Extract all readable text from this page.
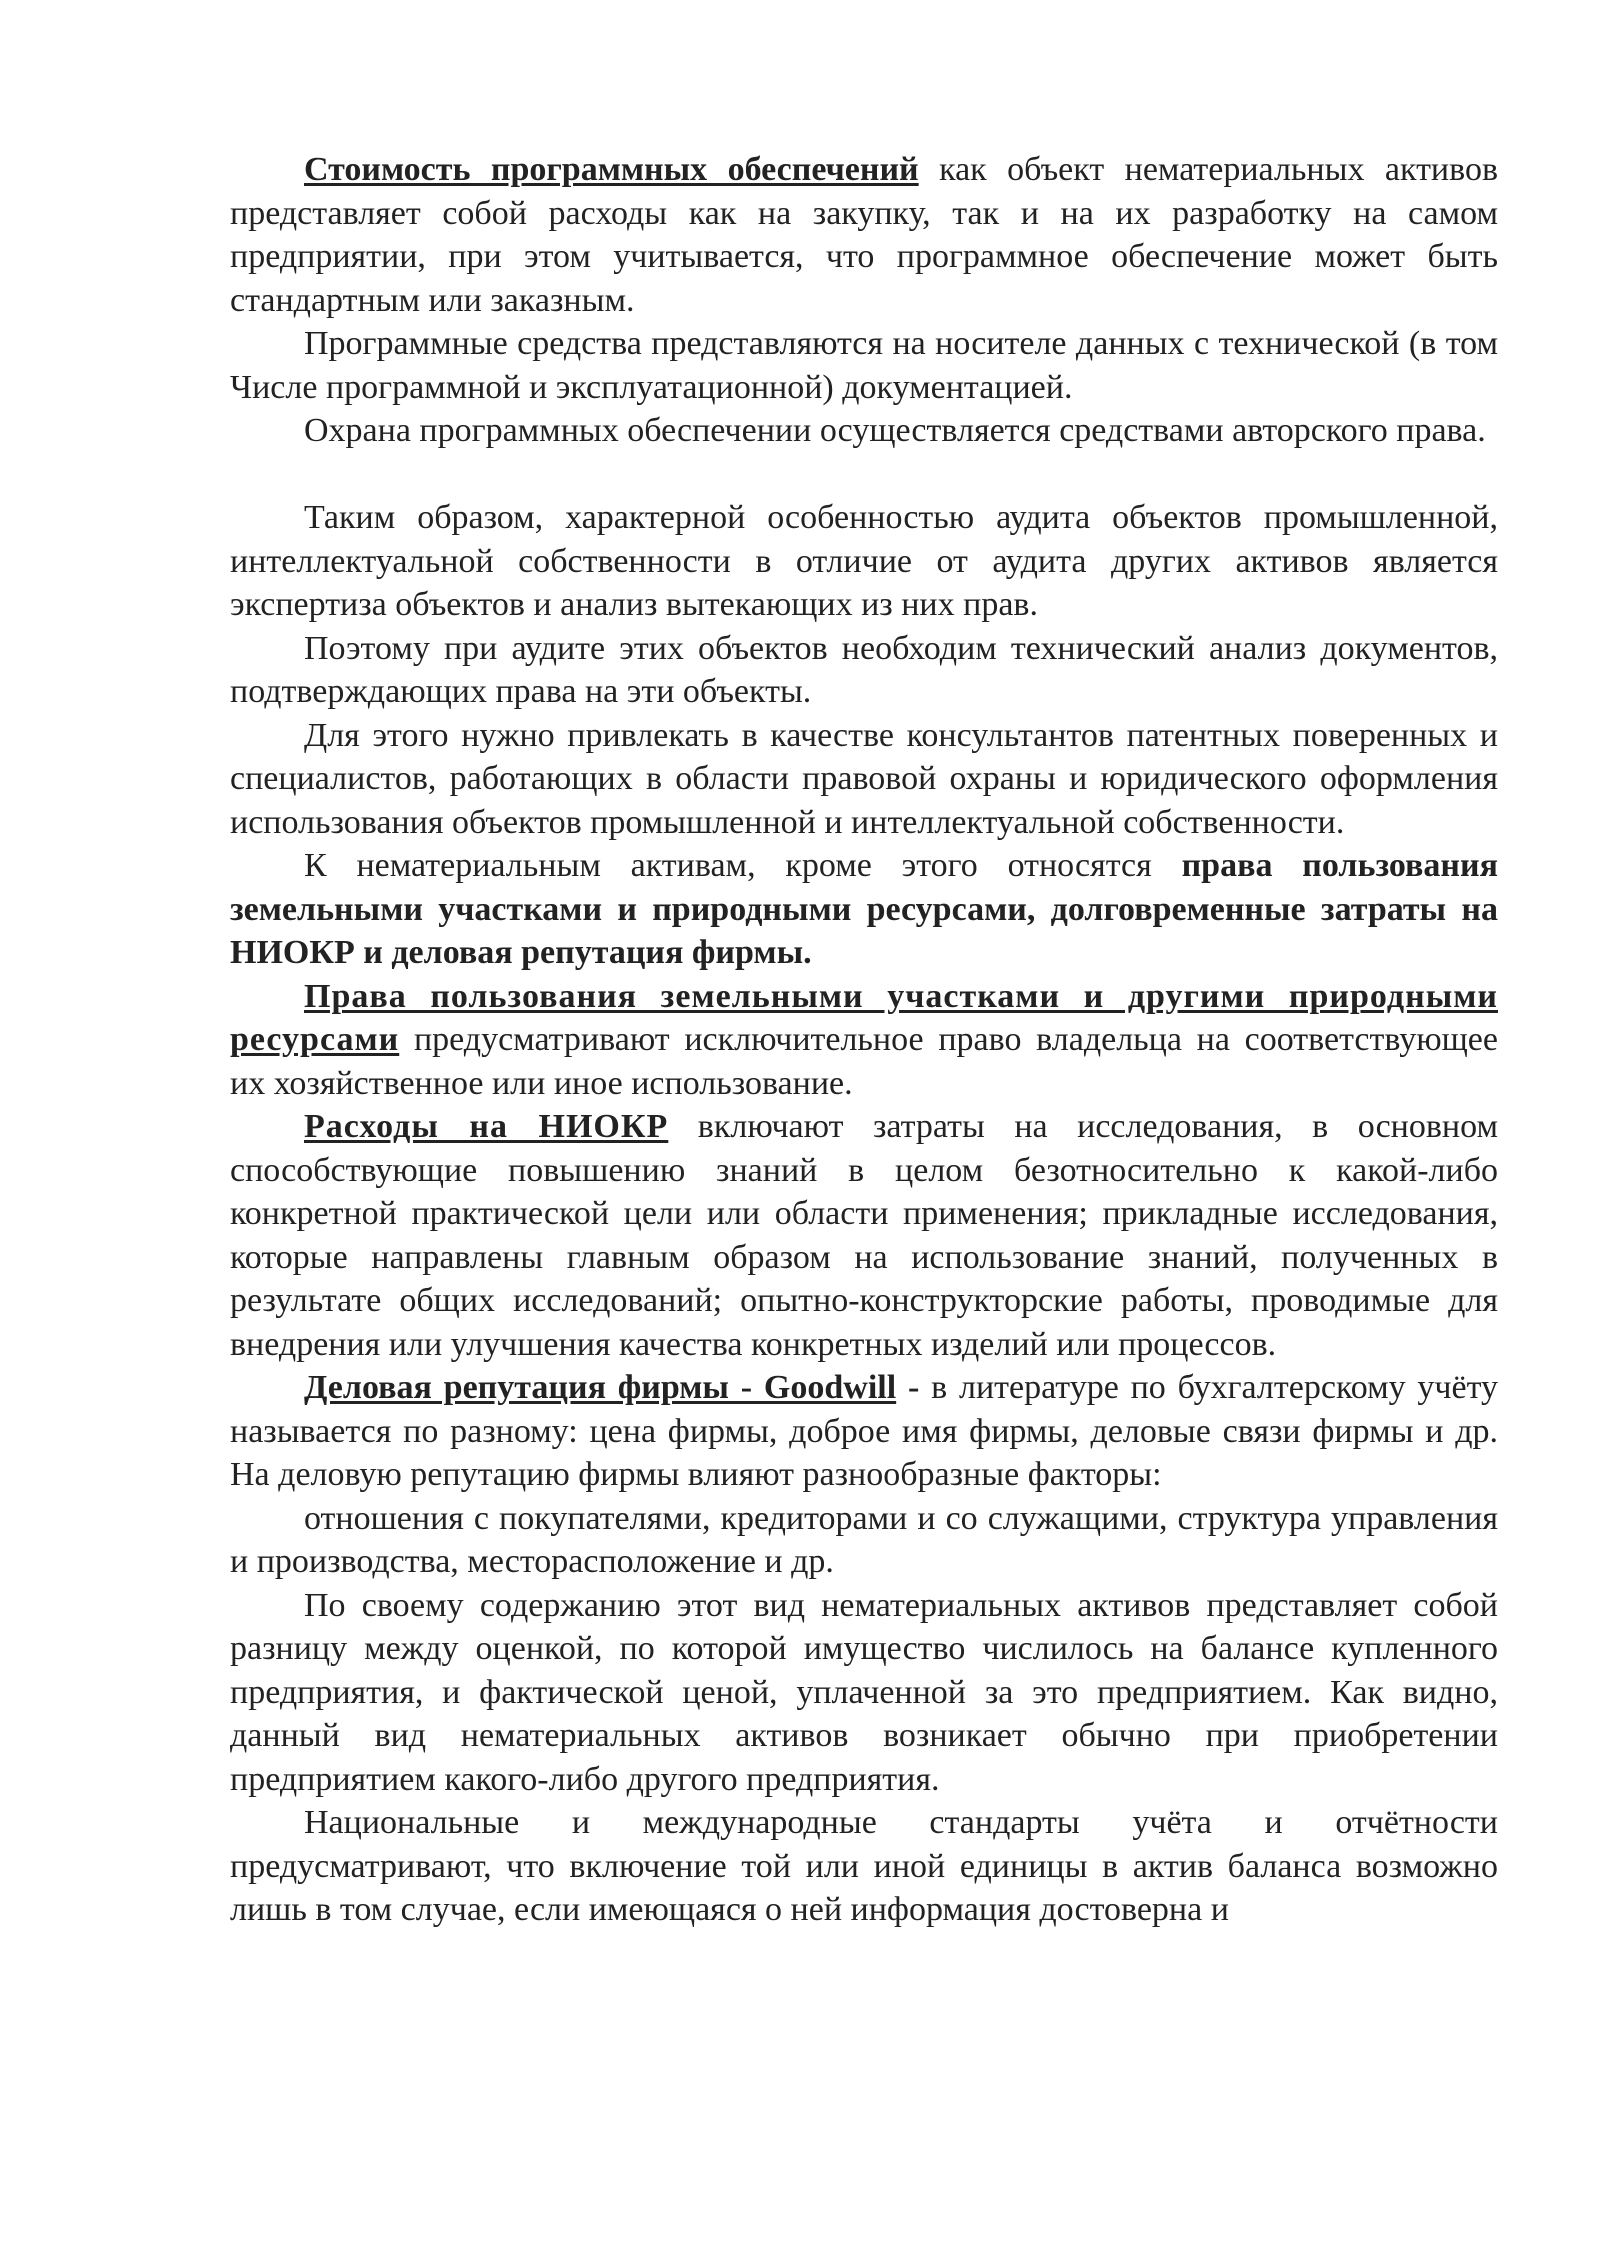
Стоимость программных обеспечений как объект нематериальных активов представляет собой расходы как на закупку, так и на их разработку на самом предприятии, при этом учитывается, что программное обеспечение может быть стандартным или заказным.

Программные средства представляются на носителе данных с технической (в том Числе программной и эксплуатационной) документацией.

Охрана программных обеспечении осуществляется средствами авторского права.

Таким образом, характерной особенностью аудита объектов промышленной, интеллектуальной собственности в отличие от аудита других активов является экспертиза объектов и анализ вытекающих из них прав.

Поэтому при аудите этих объектов необходим технический анализ документов, подтверждающих права на эти объекты.

Для этого нужно привлекать в качестве консультантов патентных поверенных и специалистов, работающих в области правовой охраны и юридического оформления использования объектов промышленной и интеллектуальной собственности.

К нематериальным активам, кроме этого относятся права пользования земельными участками и природными ресурсами, долговременные затраты на НИОКР и деловая репутация фирмы.

Права пользования земельными участками и другими природными ресурсами предусматривают исключительное право владельца на соответствующее их хозяйственное или иное использование.

Расходы на НИОКР включают затраты на исследования, в основном способствующие повышению знаний в целом безотносительно к какой-либо конкретной практической цели или области применения; прикладные исследования, которые направлены главным образом на использование знаний, полученных в результате общих исследований; опытно-конструкторские работы, проводимые для внедрения или улучшения качества конкретных изделий или процессов.

Деловая репутация фирмы - Goodwill - в литературе по бухгалтерскому учёту называется по разному: цена фирмы, доброе имя фирмы, деловые связи фирмы и др. На деловую репутацию фирмы влияют разнообразные факторы:

отношения с покупателями, кредиторами и со служащими, структура управления и производства, месторасположение и др.

По своему содержанию этот вид нематериальных активов представляет собой разницу между оценкой, по которой имущество числилось на балансе купленного предприятия, и фактической ценой, уплаченной за это предприятием. Как видно, данный вид нематериальных активов возникает обычно при приобретении предприятием какого-либо другого предприятия.

Национальные и международные стандарты учёта и отчётности предусматривают, что включение той или иной единицы в актив баланса возможно лишь в том случае, если имеющаяся о ней информация достоверна и
